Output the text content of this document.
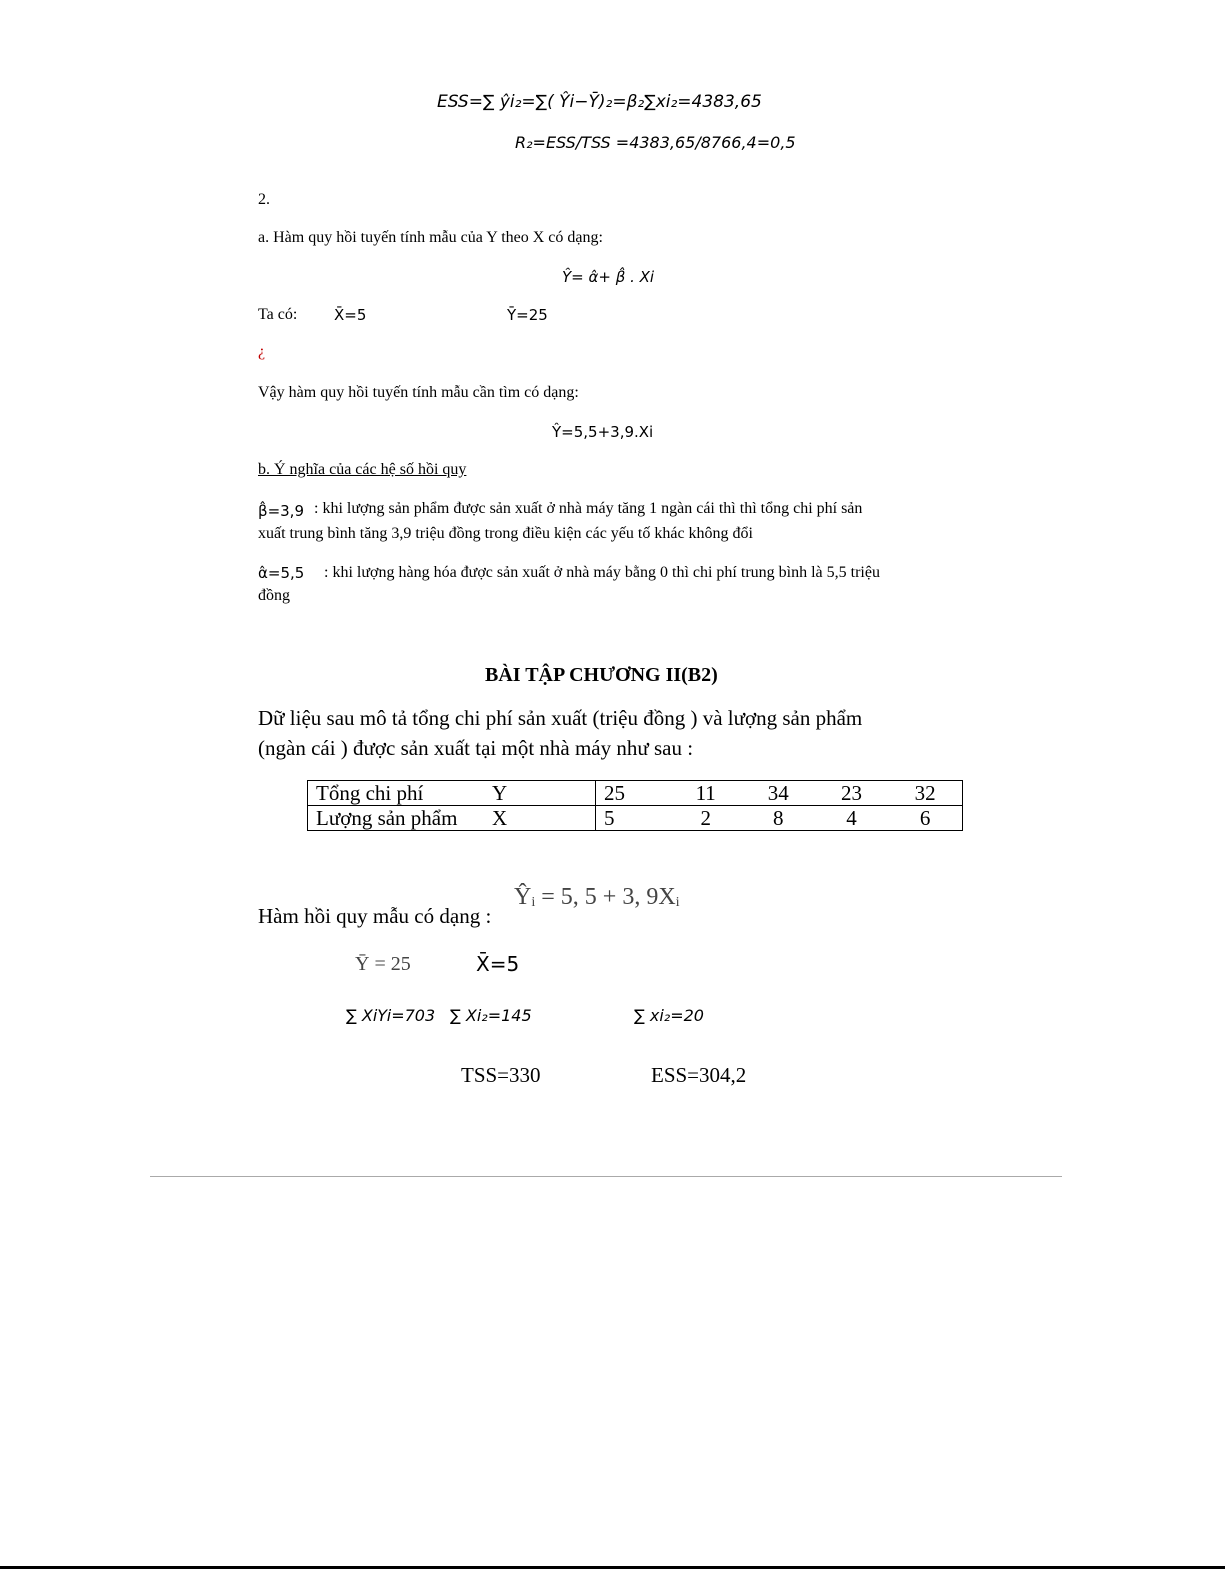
ESS=∑ ŷi₂=∑( Ŷi−Ȳ)₂=β₂∑xi₂=4383,65
R₂=ESS/TSS =4383,65/8766,4=0,5
2.
a. Hàm quy hồi tuyến tính mẫu của Y theo X có dạng:
Ŷ= α̂+ β̂ . Xi
Ta có: X̄=5	Ȳ=25
¿
Vậy hàm quy hồi tuyến tính mẫu cần tìm có dạng:
Ŷ=5,5+3,9.Xi
b. Ý nghĩa của các hệ số hồi quy
β̂=3,9 : khi lượng sản phẩm được sản xuất ở nhà máy tăng 1 ngàn cái thì thì tổng chi phí sản
xuất trung bình tăng 3,9 triệu đồng trong điều kiện các yếu tố khác không đổi
α̂=5,5 : khi lượng hàng hóa được sản xuất ở nhà máy bằng 0 thì chi phí trung bình là 5,5 triệu
đồng
BÀI TẬP CHƯƠNG II(B2)
Dữ liệu sau mô tả tổng chi phí sản xuất (triệu đồng ) và lượng sản phẩm
(ngàn cái ) được sản xuất tại một nhà máy như sau :
Tổng chi phí	Y	25	11	34	23	32
Lượng sản phẩm	X	5	2	8	4	6
Hàm hồi quy mẫu có dạng :
Ŷᵢ = 5, 5 + 3, 9Xᵢ
Ȳ = 25	X̄=5
∑ XiYi=703 ∑ Xi₂=145	∑ xi₂=20
TSS=330	ESS=304,2
